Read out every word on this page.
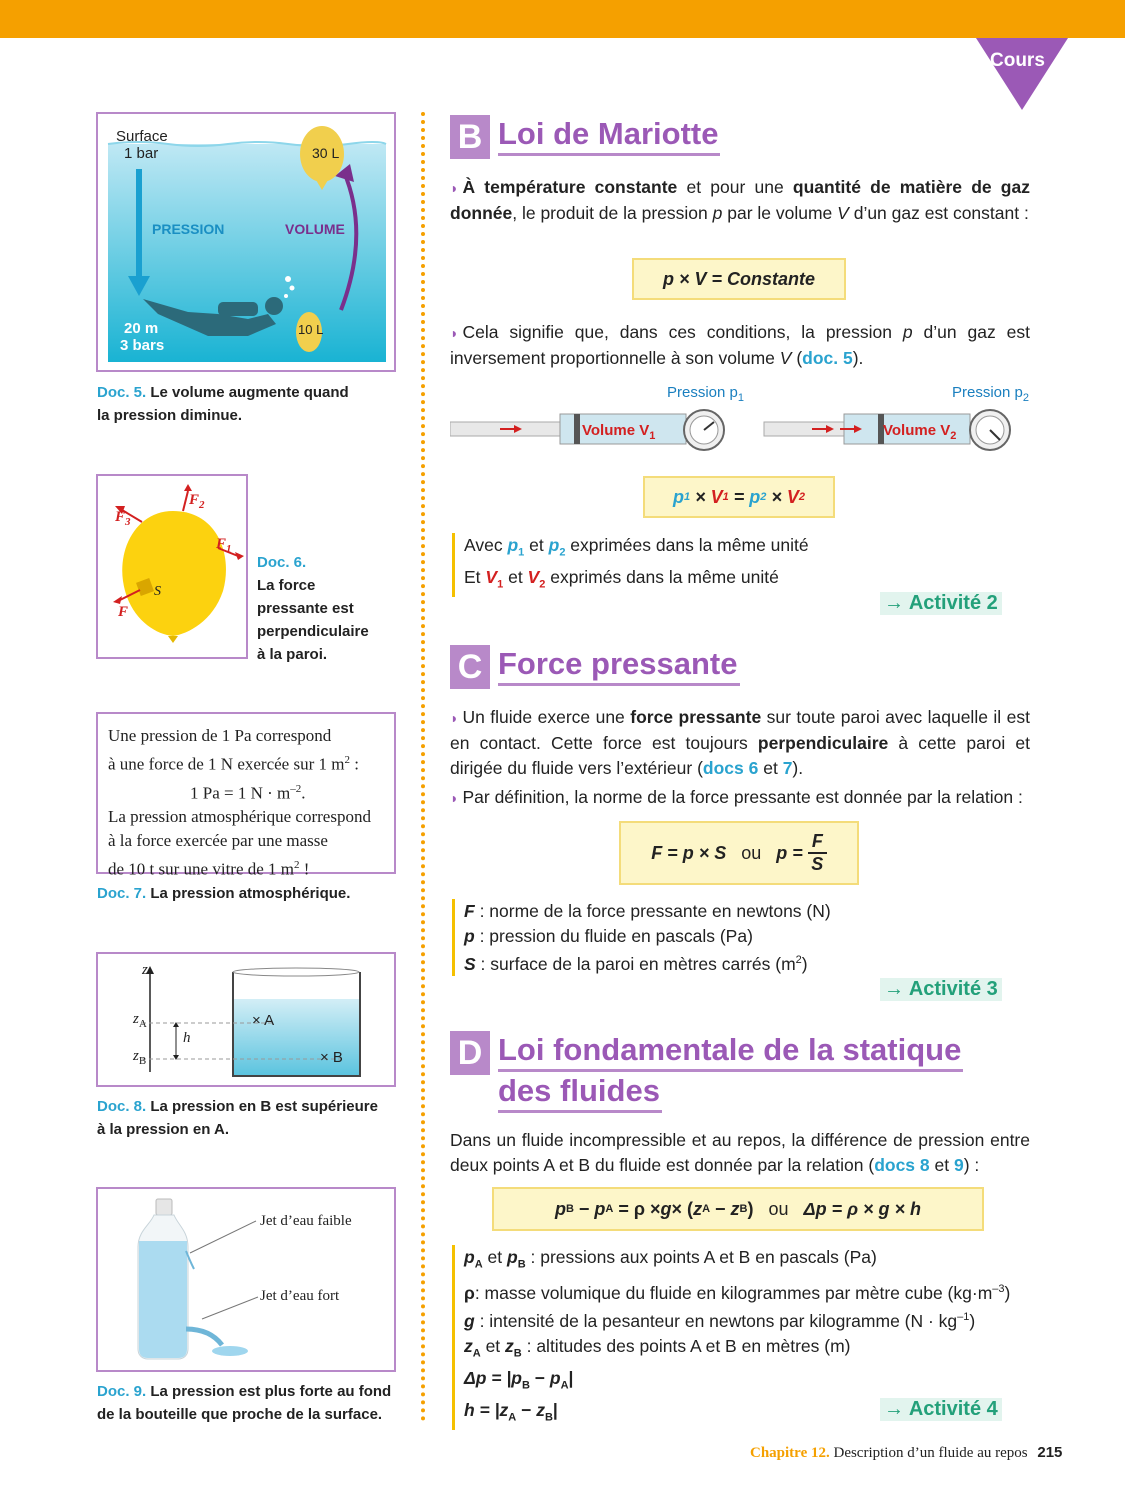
Cours
Surface
1 bar	30 L
PRESSION	VOLUME
20 m
3 bars
10 L
Doc. 5. Le volume augmente quand
la pression diminue.
$F_2$
$F_3$
$F_1$
F
S
Doc. 6.
La force
pressante est
perpendiculaire
à la paroi.
Une pression de 1 Pa correspond
à une force de 1 N exercée sur 1 $m^2$ :
1 Pa = 1 $N \cdot m^{-2}$.
La pression atmosphérique correspond
à la force exercée par une masse
de 10 t sur une vitre de 1 $m^2$ !
Doc. 7. La pression atmosphérique.
z
$z_A$
$z_B$
h
× A
× B
Doc. 8. La pression en B est supérieure
à la pression en A.
Jet d’eau faible
Jet d’eau fort
Doc. 9. La pression est plus forte au fond
de la bouteille que proche de la surface.
B Loi de Mariotte
◗ À température constante et pour une quantité de matière de gaz donnée, le produit de la pression p par le volume V d’un gaz est constant :
p × V = Constante
◗ Cela signifie que, dans ces conditions, la pression p d’un gaz est inversement proportionnelle à son volume V (doc. 5).
Pression $p_1$	Pression $p_2$
Volume $V_1$	Volume $V_2$
p 1 × V 1 = p 2 × V 2
Avec $p_1$ et $p_2$ exprimées dans la même unité
Et $V_1$ et $V_2$ exprimés dans la même unité
→ Activité 2
C Force pressante
◗ Un fluide exerce une force pressante sur toute paroi avec laquelle il est en contact. Cette force est toujours perpendiculaire à cette paroi et dirigée du fluide vers l’extérieur (docs 6 et 7).
◗ Par définition, la norme de la force pressante est donnée par la relation :
F = p × S
ou
p =
$\frac{F}{S}$
F : norme de la force pressante en newtons (N)
p : pression du fluide en pascals (Pa)
S : surface de la paroi en mètres carrés $(m^2)$
→ Activité 3
D Loi fondamentale de la statique
des fluides
Dans un fluide incompressible et au repos, la différence de pression entre deux points A et B du fluide est donnée par la relation (docs 8 et 9) :
p B − p A = ρ × g × ( z A − z B ) ou
Δp = ρ × g × h
$p_A$ et $p_B$ : pressions aux points A et B en pascals (Pa)
ρ: masse volumique du fluide en kilogrammes par mètre cube $(kg\cdot m^{-3})$
g : intensité de la pesanteur en newtons par kilogramme $(N \cdot kg^{-1})$
$z_A$ et $z_B$ : altitudes des points A et B en mètres (m)
$\Delta p = |p_B - p_A|$
$h = |z_A - z_B|$	→ Activité 4
Chapitre 12. Description d’un fluide au repos 215
